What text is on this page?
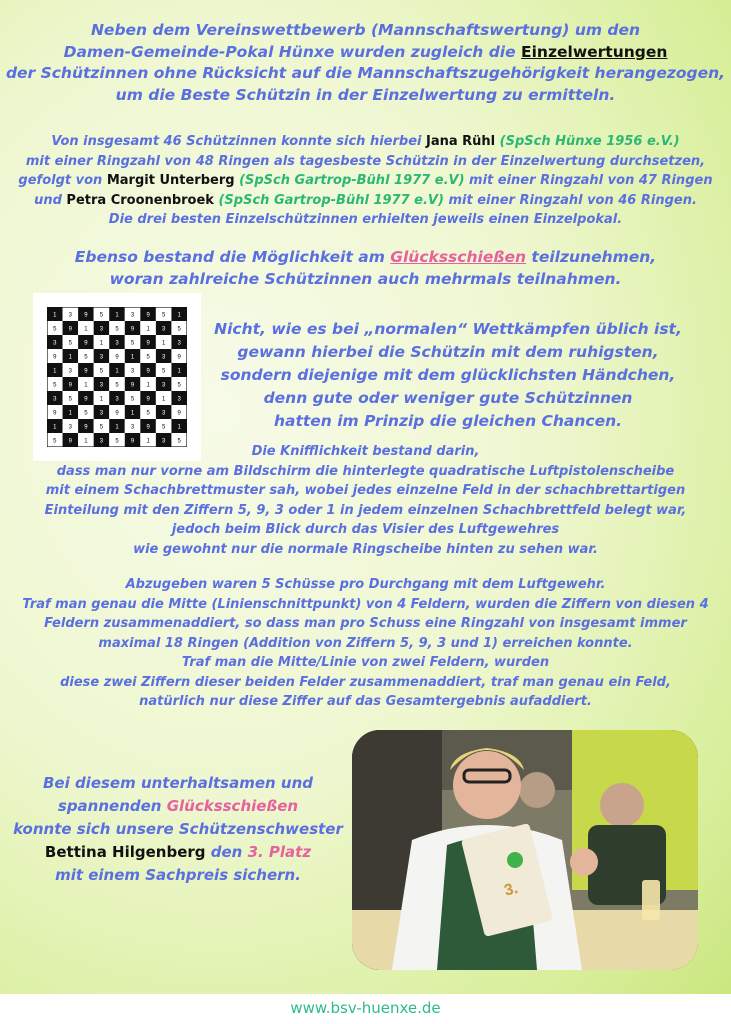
Neben dem Vereinswettbewerb (Mannschaftswertung) um den
Damen-Gemeinde-Pokal Hünxe wurden zugleich die Einzelwertungen
der Schützinnen ohne Rücksicht auf die Mannschaftszugehörigkeit herangezogen,
um die Beste Schützin in der Einzelwertung zu ermitteln.
Von insgesamt 46 Schützinnen konnte sich hierbei Jana Rühl (SpSch Hünxe 1956 e.V.)
mit einer Ringzahl von 48 Ringen als tagesbeste Schützin in der Einzelwertung durchsetzen,
gefolgt von Margit Unterberg (SpSch Gartrop-Bühl 1977 e.V) mit einer Ringzahl von 47 Ringen
und Petra Croonenbroek (SpSch Gartrop-Bühl 1977 e.V) mit einer Ringzahl von 46 Ringen.
Die drei besten Einzelschützinnen erhielten jeweils einen Einzelpokal.
Ebenso bestand die Möglichkeit am Glücksschießen teilzunehmen,
woran zahlreiche Schützinnen auch mehrmals teilnahmen.
1 3 9 5 1 3 9 5 1
5 9 1 3 5 9 1 3 5
3 5 9 1 3 5 9 1 3
9 1 5 3 9 1 5 3 9
1 3 9 5 1 3 9 5 1
5 9 1 3 5 9 1 3 5
3 5 9 1 3 5 9 1 3
9 1 5 3 9 1 5 3 9
1 3 9 5 1 3 9 5 1
5 9 1 3 5 9 1 3 5
Nicht, wie es bei „normalen“ Wettkämpfen üblich ist,
gewann hierbei die Schützin mit dem ruhigsten,
sondern diejenige mit dem glücklichsten Händchen,
denn gute oder weniger gute Schützinnen
hatten im Prinzip die gleichen Chancen.
Die Knifflichkeit bestand darin,
dass man nur vorne am Bildschirm die hinterlegte quadratische Luftpistolenscheibe
mit einem Schachbrettmuster sah, wobei jedes einzelne Feld in der schachbrettartigen
Einteilung mit den Ziffern 5, 9, 3 oder 1 in jedem einzelnen Schachbrettfeld belegt war,
jedoch beim Blick durch das Visier des Luftgewehres
wie gewohnt nur die normale Ringscheibe hinten zu sehen war.
Abzugeben waren 5 Schüsse pro Durchgang mit dem Luftgewehr.
Traf man genau die Mitte (Linienschnittpunkt) von 4 Feldern, wurden die Ziffern von diesen 4
Feldern zusammenaddiert, so dass man pro Schuss eine Ringzahl von insgesamt immer
maximal 18 Ringen (Addition von Ziffern 5, 9, 3 und 1) erreichen konnte.
Traf man die Mitte/Linie von zwei Feldern, wurden
diese zwei Ziffern dieser beiden Felder zusammenaddiert, traf man genau ein Feld,
natürlich nur diese Ziffer auf das Gesamtergebnis aufaddiert.
Bei diesem unterhaltsamen und
spannenden Glücksschießen
konnte sich unsere Schützenschwester
Bettina Hilgenberg den 3. Platz
mit einem Sachpreis sichern.
3.
www.bsv-huenxe.de
